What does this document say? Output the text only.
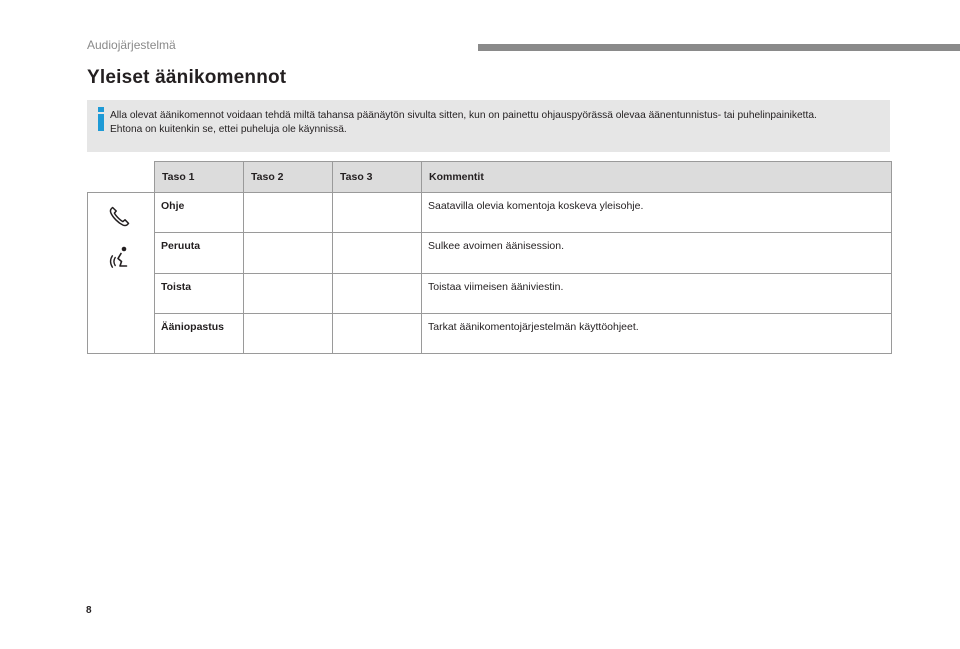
Audiojärjestelmä
Yleiset äänikomennot
Alla olevat äänikomennot voidaan tehdä miltä tahansa päänäytön sivulta sitten, kun on painettu ohjauspyörässä olevaa äänentunnistus- tai puhelinpainiketta.
Ehtona on kuitenkin se, ettei puheluja ole käynnissä.
	Taso 1	Taso 2	Taso 3	Kommentit

	Ohje			Saatavilla olevia komentoja koskeva yleisohje.
	Peruuta			Sulkee avoimen äänisession.
	Toista			Toistaa viimeisen ääniviestin.
	Ääniopastus			Tarkat äänikomentojärjestelmän käyttöohjeet.
8
